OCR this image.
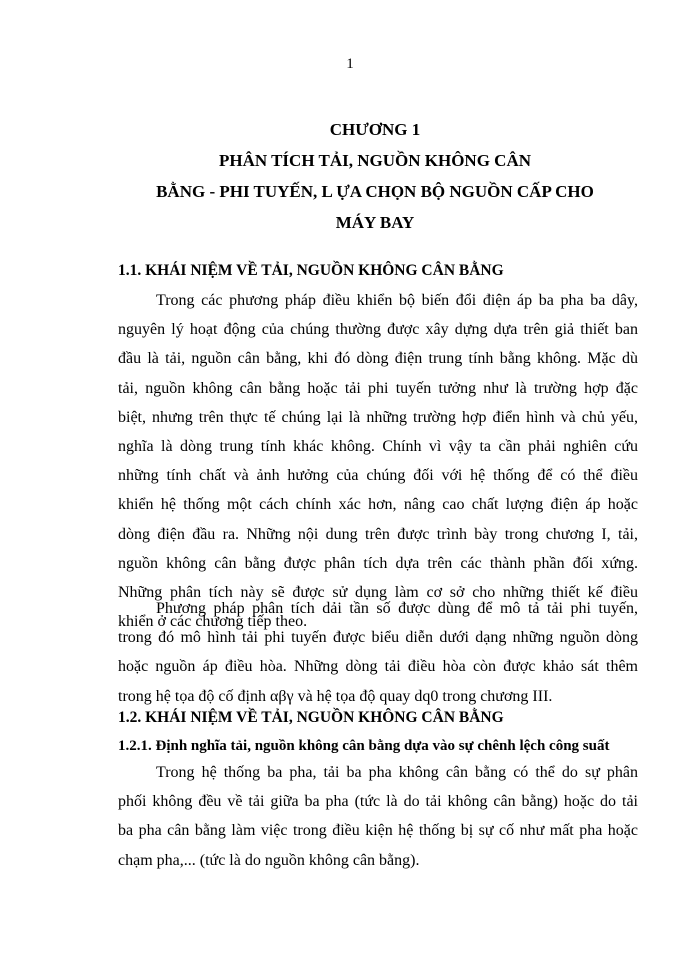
1
CHƯƠNG 1
PHÂN TÍCH TẢI, NGUỒN KHÔNG CÂN
BẰNG - PHI TUYẾN, L ỰA CHỌN BỘ NGUỒN CẤP CHO
MÁY BAY
1.1. KHÁI NIỆM VỀ TẢI, NGUỒN KHÔNG CÂN BẰNG
Trong các phương pháp điều khiển bộ biến đổi điện áp ba pha ba dây,
nguyên lý hoạt động của chúng thường được xây dựng dựa trên giả thiết ban
đầu là tải, nguồn cân bằng, khi đó dòng điện trung tính bằng không. Mặc dù
tải, nguồn không cân bằng hoặc tải phi tuyến tưởng như là trường hợp đặc
biệt, nhưng trên thực tế chúng lại là những trường hợp điển hình và chủ yếu,
nghĩa là dòng trung tính khác không. Chính vì vậy ta cần phải nghiên cứu
những tính chất và ảnh hưởng của chúng đối với hệ thống để có thể điều
khiển hệ thống một cách chính xác hơn, nâng cao chất lượng điện áp hoặc
dòng điện đầu ra. Những nội dung trên được trình bày trong chương I, tải,
nguồn không cân bằng được phân tích dựa trên các thành phần đối xứng.
Những phân tích này sẽ được sử dụng làm cơ sở cho những thiết kế điều
khiển ở các chương tiếp theo.
Phương pháp phân tích dải tần số được dùng để mô tả tải phi tuyến,
trong đó mô hình tải phi tuyến được biểu diễn dưới dạng những nguồn dòng
hoặc nguồn áp điều hòa. Những dòng tải điều hòa còn được khảo sát thêm
trong hệ tọa độ cố định αβγ và hệ tọa độ quay dq0 trong chương III.
1.2. KHÁI NIỆM VỀ TẢI, NGUỒN KHÔNG CÂN BẰNG
1.2.1. Định nghĩa tải, nguồn không cân bằng dựa vào sự chênh lệch công suất
Trong hệ thống ba pha, tải ba pha không cân bằng có thể do sự phân
phối không đều về tải giữa ba pha (tức là do tải không cân bằng) hoặc do tải
ba pha cân bằng làm việc trong điều kiện hệ thống bị sự cố như mất pha hoặc
chạm pha,... (tức là do nguồn không cân bằng).
